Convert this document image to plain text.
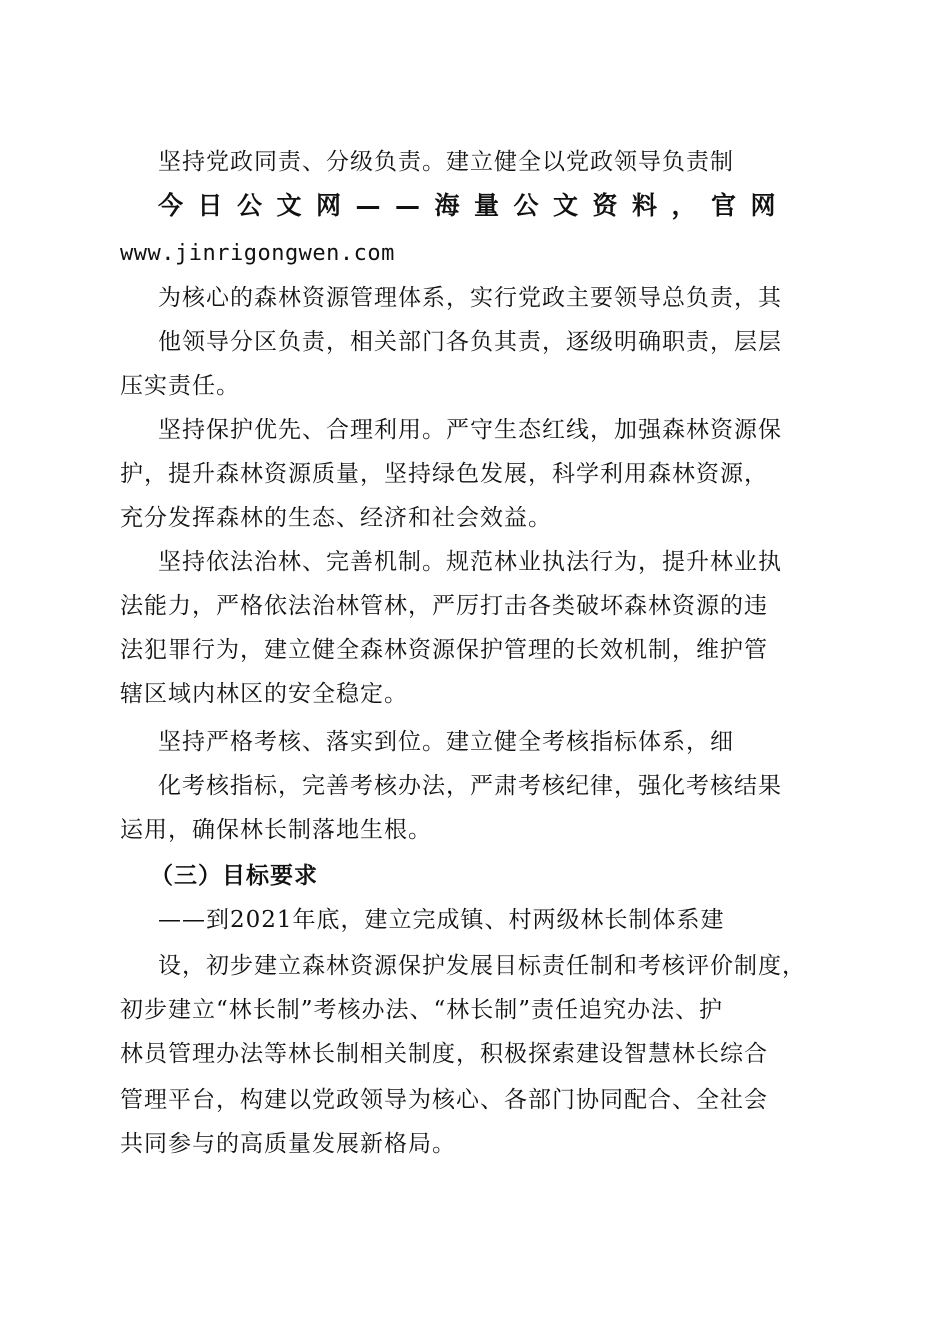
坚持党政同责、分级负责。建立健全以党政领导负责制
今日公文网——海量公文资料，官网
www.jinrigongwen.com
为核心的森林资源管理体系，实行党政主要领导总负责，其
他领导分区负责，相关部门各负其责，逐级明确职责，层层
压实责任。
坚持保护优先、合理利用。严守生态红线，加强森林资源保
护，提升森林资源质量，坚持绿色发展，科学利用森林资源，
充分发挥森林的生态、经济和社会效益。
坚持依法治林、完善机制。规范林业执法行为，提升林业执
法能力，严格依法治林管林，严厉打击各类破坏森林资源的违
法犯罪行为，建立健全森林资源保护管理的长效机制，维护管
辖区域内林区的安全稳定。
坚持严格考核、落实到位。建立健全考核指标体系，细
化考核指标，完善考核办法，严肃考核纪律，强化考核结果
运用，确保林长制落地生根。
（三）目标要求
——到2021年底，建立完成镇、村两级林长制体系建
设，初步建立森林资源保护发展目标责任制和考核评价制度，
初步建立“林长制”考核办法、“林长制”责任追究办法、护
林员管理办法等林长制相关制度，积极探索建设智慧林长综合
管理平台，构建以党政领导为核心、各部门协同配合、全社会
共同参与的高质量发展新格局。
